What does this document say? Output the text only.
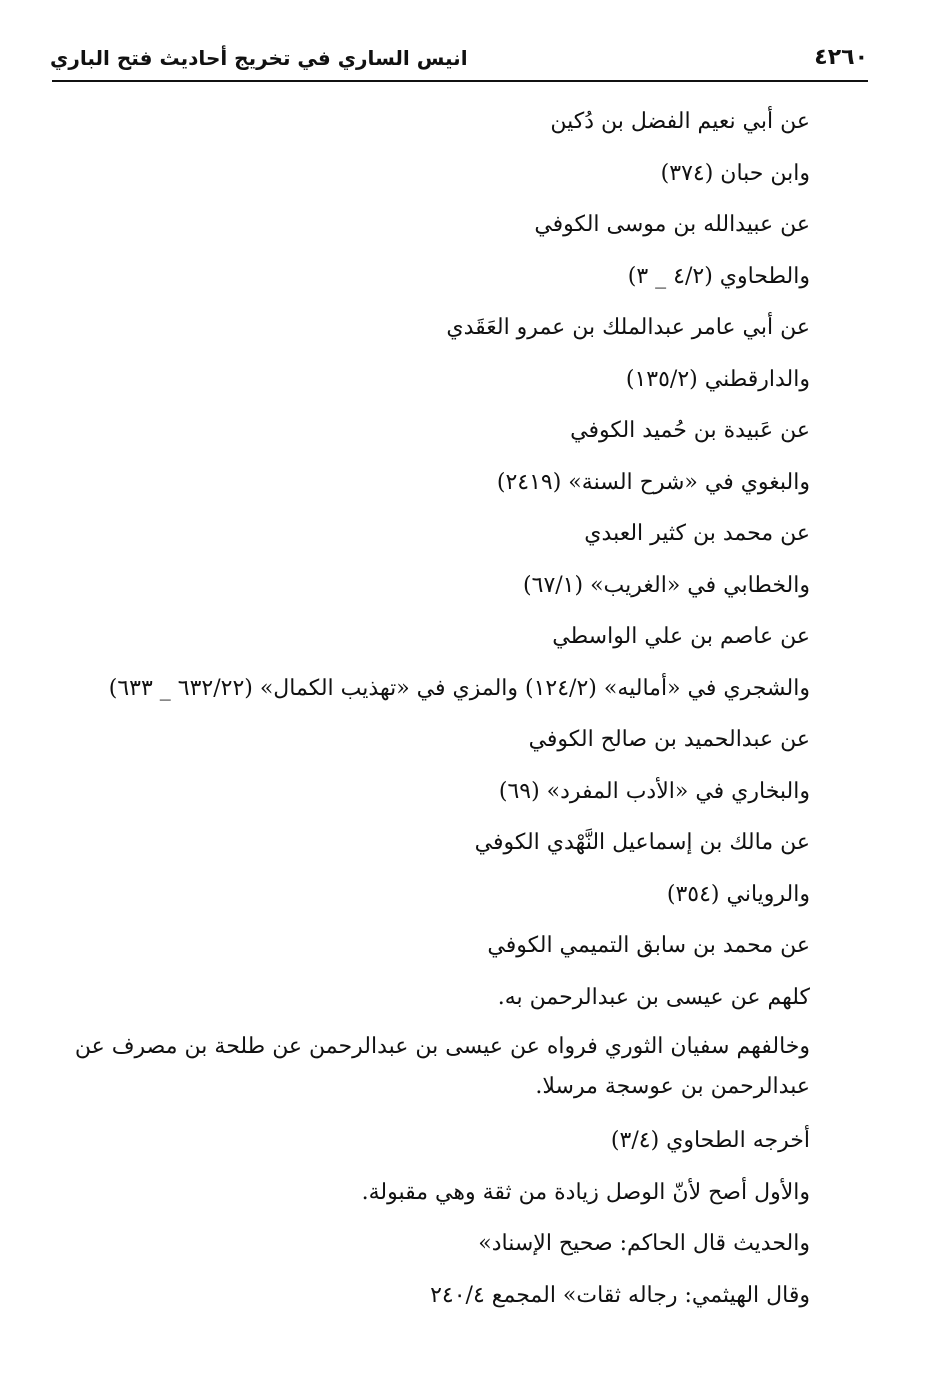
٤٢٦٠
انيس الساري في تخريج أحاديث فتح الباري
عن أبي نعيم الفضل بن دُكين
وابن حبان (٣٧٤)
عن عبيدالله بن موسى الكوفي
والطحاوي (٤/٢ _ ٣)
عن أبي عامر عبدالملك بن عمرو العَقَدي
والدارقطني (١٣٥/٢)
عن عَبيدة بن حُميد الكوفي
والبغوي في «شرح السنة» (٢٤١٩)
عن محمد بن كثير العبدي
والخطابي في «الغريب» (٦٧/١)
عن عاصم بن علي الواسطي
والشجري في «أماليه» (١٢٤/٢) والمزي في «تهذيب الكمال» (٦٣٢/٢٢ _ ٦٣٣)
عن عبدالحميد بن صالح الكوفي
والبخاري في «الأدب المفرد» (٦٩)
عن مالك بن إسماعيل النَّهْدي الكوفي
والروياني (٣٥٤)
عن محمد بن سابق التميمي الكوفي
كلهم عن عيسى بن عبدالرحمن به.
وخالفهم سفيان الثوري فرواه عن عيسى بن عبدالرحمن عن طلحة بن مصرف عن عبدالرحمن بن عوسجة مرسلا.
أخرجه الطحاوي (٣/٤)
والأول أصح لأنّ الوصل زيادة من ثقة وهي مقبولة.
والحديث قال الحاكم: صحيح الإسناد»
وقال الهيثمي: رجاله ثقات» المجمع ٢٤٠/٤
